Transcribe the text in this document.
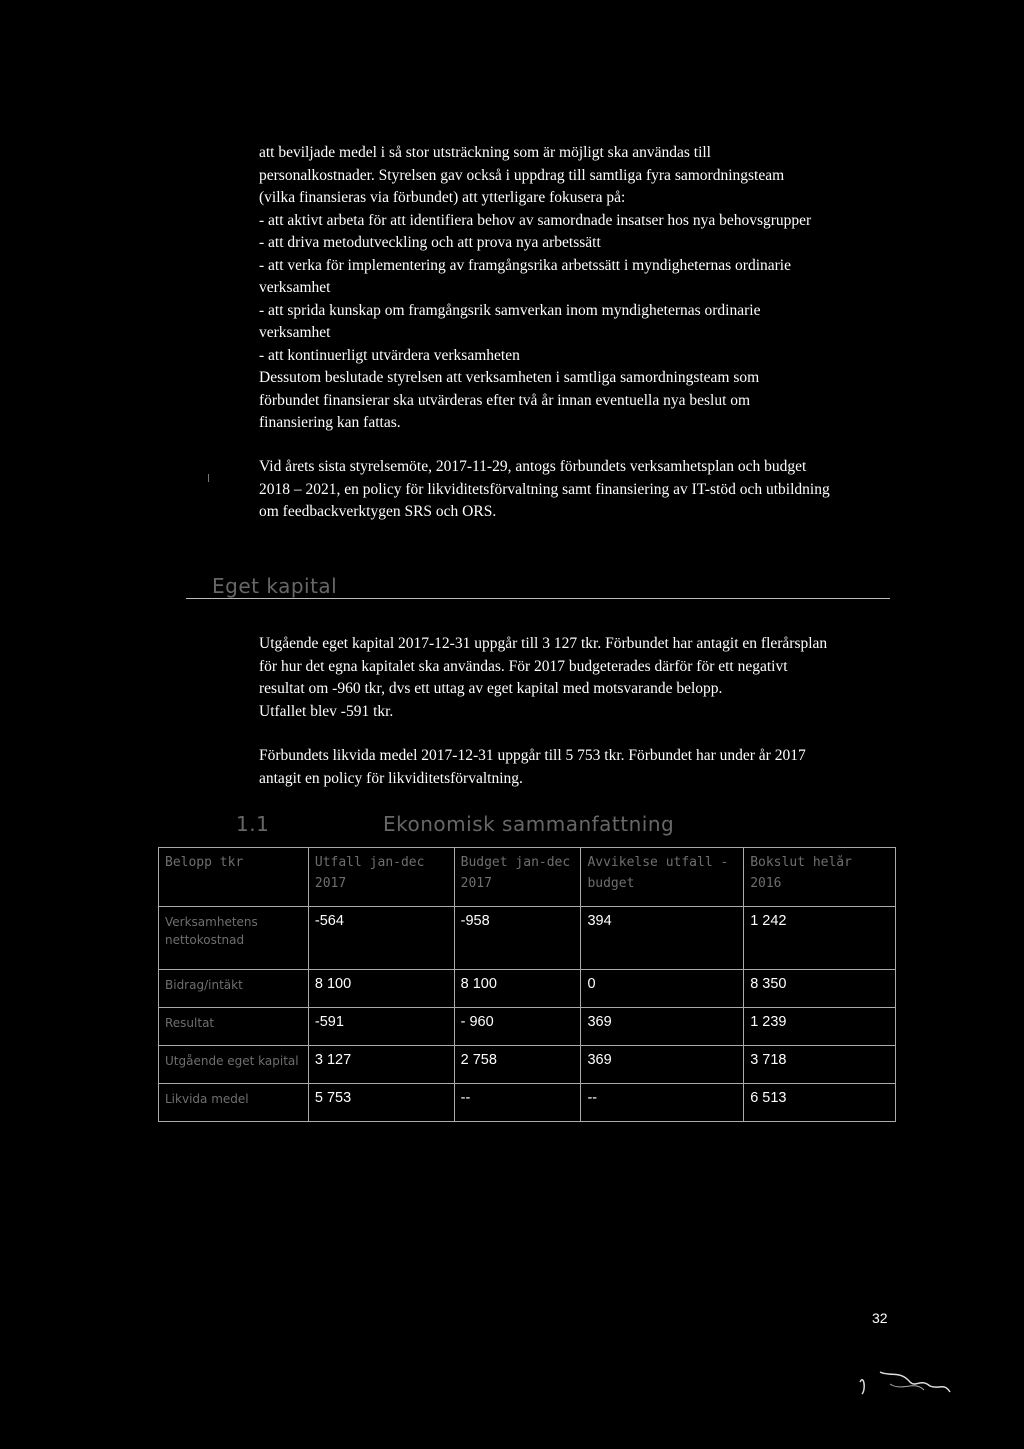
att beviljade medel i så stor utsträckning som är möjligt ska användas till
personalkostnader. Styrelsen gav också i uppdrag till samtliga fyra samordningsteam
(vilka finansieras via förbundet) att ytterligare fokusera på:
- att aktivt arbeta för att identifiera behov av samordnade insatser hos nya behovsgrupper
- att driva metodutveckling och att prova nya arbetssätt
- att verka för implementering av framgångsrika arbetssätt i myndigheternas ordinarie
verksamhet
- att sprida kunskap om framgångsrik samverkan inom myndigheternas ordinarie
verksamhet
- att kontinuerligt utvärdera verksamheten
Dessutom beslutade styrelsen att verksamheten i samtliga samordningsteam som
förbundet finansierar ska utvärderas efter två år innan eventuella nya beslut om
finansiering kan fattas.
Vid årets sista styrelsemöte, 2017-11-29, antogs förbundets verksamhetsplan och budget
2018 – 2021, en policy för likviditetsförvaltning samt finansiering av IT-stöd och utbildning
om feedbackverktygen SRS och ORS.
Eget kapital
Utgående eget kapital 2017-12-31 uppgår till 3 127 tkr. Förbundet har antagit en flerårsplan
för hur det egna kapitalet ska användas. För 2017 budgeterades därför för ett negativt
resultat om -960 tkr, dvs ett uttag av eget kapital med motsvarande belopp.
Utfallet blev -591 tkr.
Förbundets likvida medel 2017-12-31 uppgår till 5 753 tkr. Förbundet har under år 2017
antagit en policy för likviditetsförvaltning.
1.1	Ekonomisk sammanfattning
Belopp tkr	Utfall jan-dec 2017	Budget jan-dec 2017	Avvikelse utfall - budget	Bokslut helår 2016
Verksamhetens nettokostnad	-564	-958	394	1 242
Bidrag/intäkt	8 100	8 100	0	8 350
Resultat	-591	- 960	369	1 239
Utgående eget kapital	3 127	2 758	369	3 718
Likvida medel	5 753	--	--	6 513
32
